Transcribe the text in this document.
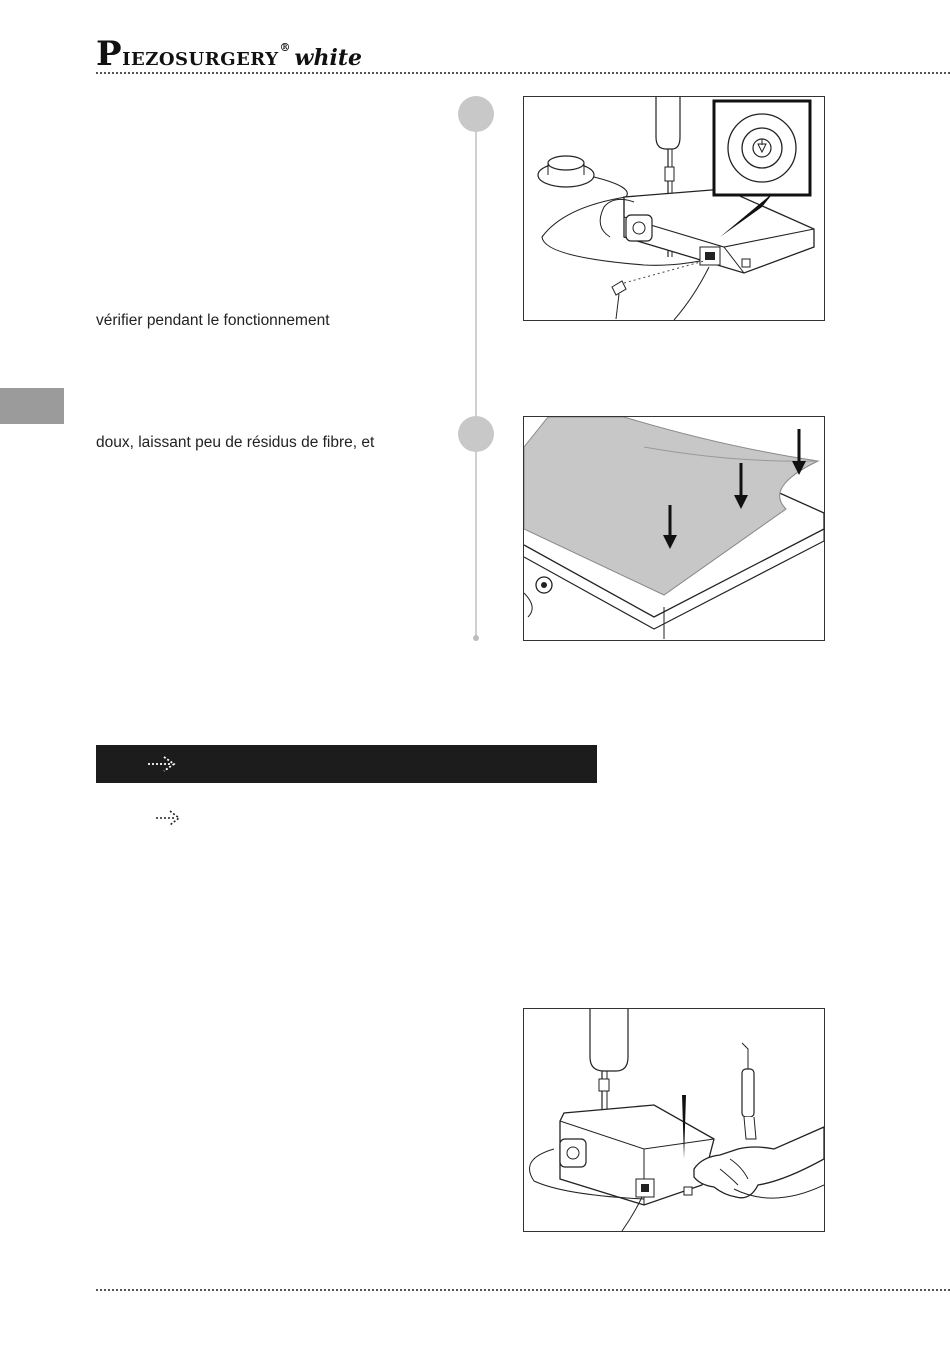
Piezosurgery® white
vérifier pendant le fonctionnement
doux, laissant peu de résidus de fibre, et
